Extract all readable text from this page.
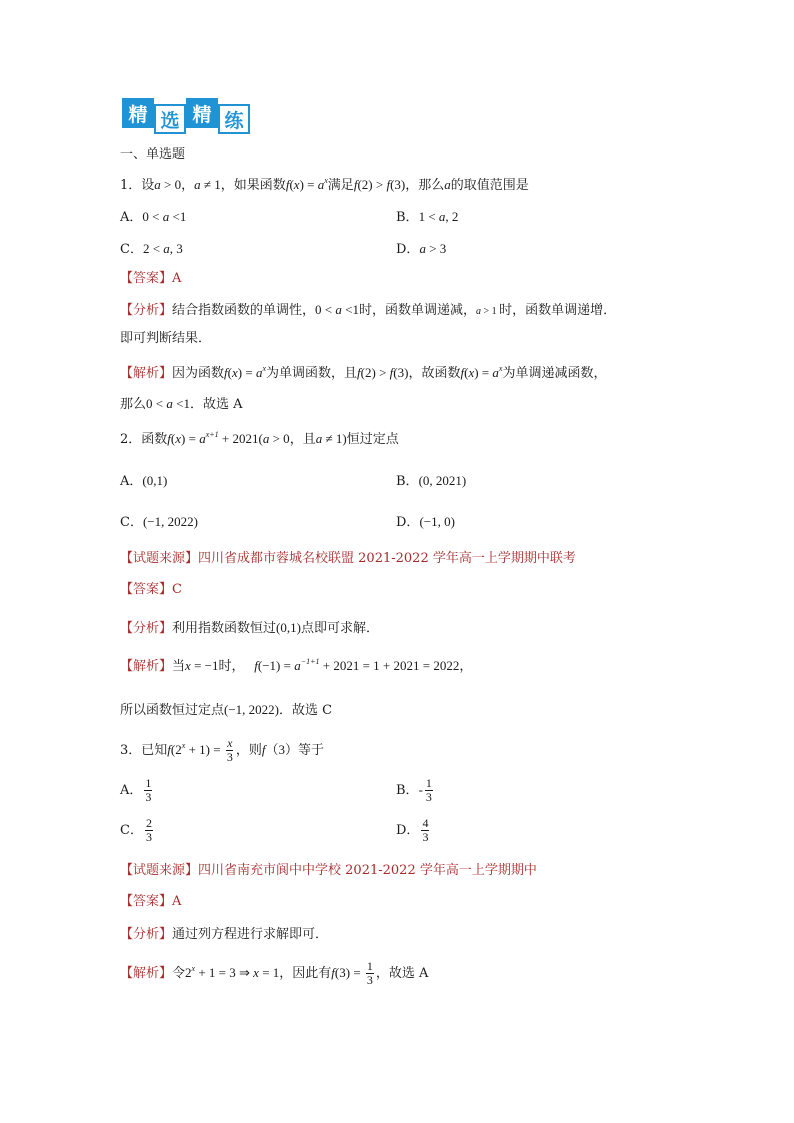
精 选 精 练
一、单选题
1．设a > 0，a ≠ 1，如果函数$f(x) = a^x$满足f(2) > f(3)，那么a的取值范围是
A．0 < a <1	B．1 < a, 2
C．2 < a, 3	D．a > 3
【答案】A
【分析】结合指数函数的单调性，0 < a <1时，函数单调递减，a > 1 时，函数单调递增．
即可判断结果．
【解析】因为函数$f(x) = a^x$为单调函数，且f(2) > f(3)，故函数$f(x) = a^x$为单调递减函数，
那么0 < a <1．故选 A
2．函数$f(x) = a^{x+1} + 2021(a > 0$，且a ≠ 1)恒过定点
A．(0,1)	B．(0, 2021)
C．(−1, 2022)	D．(−1, 0)
【试题来源】四川省成都市蓉城名校联盟 2021-2022 学年高一上学期期中联考
【答案】C
【分析】利用指数函数恒过(0,1)点即可求解．
【解析】当x = −1时， $f(-1) = a^{-1+1} + 2021 = 1 + 2021 = 2022$，
所以函数恒过定点(−1, 2022)．故选 C
3．已知$f(2^x + 1) = \frac{x}{3}$ ，则f（3）等于
A． $\frac{1}{3}$	B．- $\frac{1}{3}$
C． $\frac{2}{3}$	D． $\frac{4}{3}$
【试题来源】四川省南充市阆中中学校 2021-2022 学年高一上学期期中
【答案】A
【分析】通过列方程进行求解即可．
【解析】令$2^x + 1 = 3$ ⇒ x = 1，因此有$f(3) = \frac{1}{3}$ ，故选 A
